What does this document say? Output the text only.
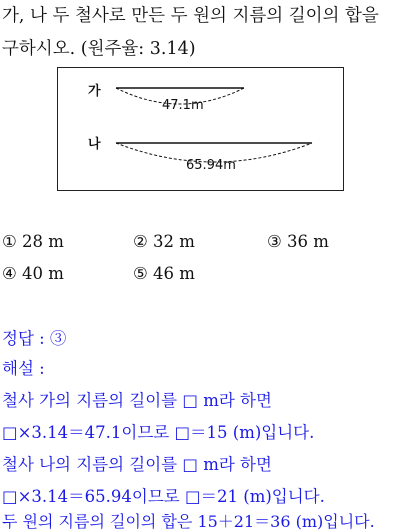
가, 나 두 철사로 만든 두 원의 지름의 길이의 합을
구하시오. (원주율: 3.14)
가
47.1m
나
65.94m
① 28 m	② 32 m	③ 36 m
④ 40 m	⑤ 46 m
정답 : ③
해설 :
철사 가의 지름의 길이를 □ m라 하면
□×3.14＝47.1이므로 □＝15 (m)입니다.
철사 나의 지름의 길이를 □ m라 하면
□×3.14＝65.94이므로 □＝21 (m)입니다.
두 원의 지름의 길이의 합은 15＋21＝36 (m)입니다.
